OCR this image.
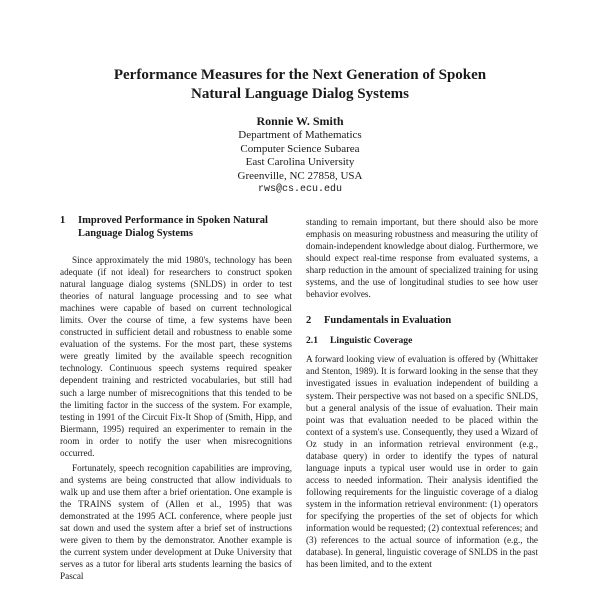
Performance Measures for the Next Generation of Spoken
Natural Language Dialog Systems
Ronnie W. Smith
Department of Mathematics
Computer Science Subarea
East Carolina University
Greenville, NC 27858, USA
rws@cs.ecu.edu
1	Improved Performance in Spoken Natural Language Dialog Systems

Since approximately the mid 1980's, technology has been adequate (if not ideal) for researchers to construct spoken natural language dialog systems (SNLDS) in order to test theories of natural language processing and to see what machines were capable of based on current technological limits. Over the course of time, a few systems have been constructed in sufficient detail and robustness to enable some evaluation of the systems. For the most part, these systems were greatly limited by the available speech recognition technology. Continuous speech systems required speaker dependent training and restricted vocabularies, but still had such a large number of misrecognitions that this tended to be the limiting factor in the success of the system. For example, testing in 1991 of the Circuit Fix-It Shop of (Smith, Hipp, and Biermann, 1995) required an experimenter to remain in the room in order to notify the user when misrecognitions occurred.

Fortunately, speech recognition capabilities are improving, and systems are being constructed that allow individuals to walk up and use them after a brief orientation. One example is the TRAINS system of (Allen et al., 1995) that was demonstrated at the 1995 ACL conference, where people just sat down and used the system after a brief set of instructions were given to them by the demonstrator. Another example is the current system under development at Duke University that serves as a tutor for liberal arts students learning the basics of Pascal

standing to remain important, but there should also be more emphasis on measuring robustness and measuring the utility of domain-independent knowledge about dialog. Furthermore, we should expect real-time response from evaluated systems, a sharp reduction in the amount of specialized training for using systems, and the use of longitudinal studies to see how user behavior evolves.

2	Fundamentals in Evaluation
2.1 Linguistic Coverage

A forward looking view of evaluation is offered by (Whittaker and Stenton, 1989). It is forward looking in the sense that they investigated issues in evaluation independent of building a system. Their perspective was not based on a specific SNLDS, but a general analysis of the issue of evaluation. Their main point was that evaluation needed to be placed within the context of a system's use. Consequently, they used a Wizard of Oz study in an information retrieval environment (e.g., database query) in order to identify the types of natural language inputs a typical user would use in order to gain access to needed information. Their analysis identified the following requirements for the linguistic coverage of a dialog system in the information retrieval environment: (1) operators for specifying the properties of the set of objects for which information would be requested; (2) contextual references; and (3) references to the actual source of information (e.g., the database). In general, linguistic coverage of SNLDS in the past has been limited, and to the extent
